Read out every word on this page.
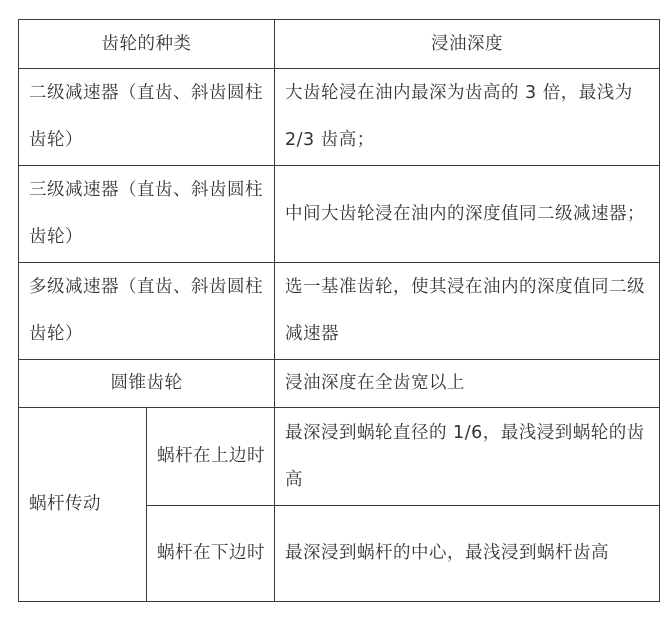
齿轮的种类		浸油深度
二级减速器（直齿、斜齿圆柱齿轮）		大齿轮浸在油内最深为齿高的 3 倍，最浅为 2/3 齿高；
三级减速器（直齿、斜齿圆柱齿轮）		中间大齿轮浸在油内的深度值同二级减速器；
多级减速器（直齿、斜齿圆柱齿轮）		选一基准齿轮，使其浸在油内的深度值同二级减速器
圆锥齿轮		浸油深度在全齿宽以上
蜗杆传动	蜗杆在上边时	最深浸到蜗轮直径的 1/6，最浅浸到蜗轮的齿高
	蜗杆在下边时	最深浸到蜗杆的中心，最浅浸到蜗杆齿高
